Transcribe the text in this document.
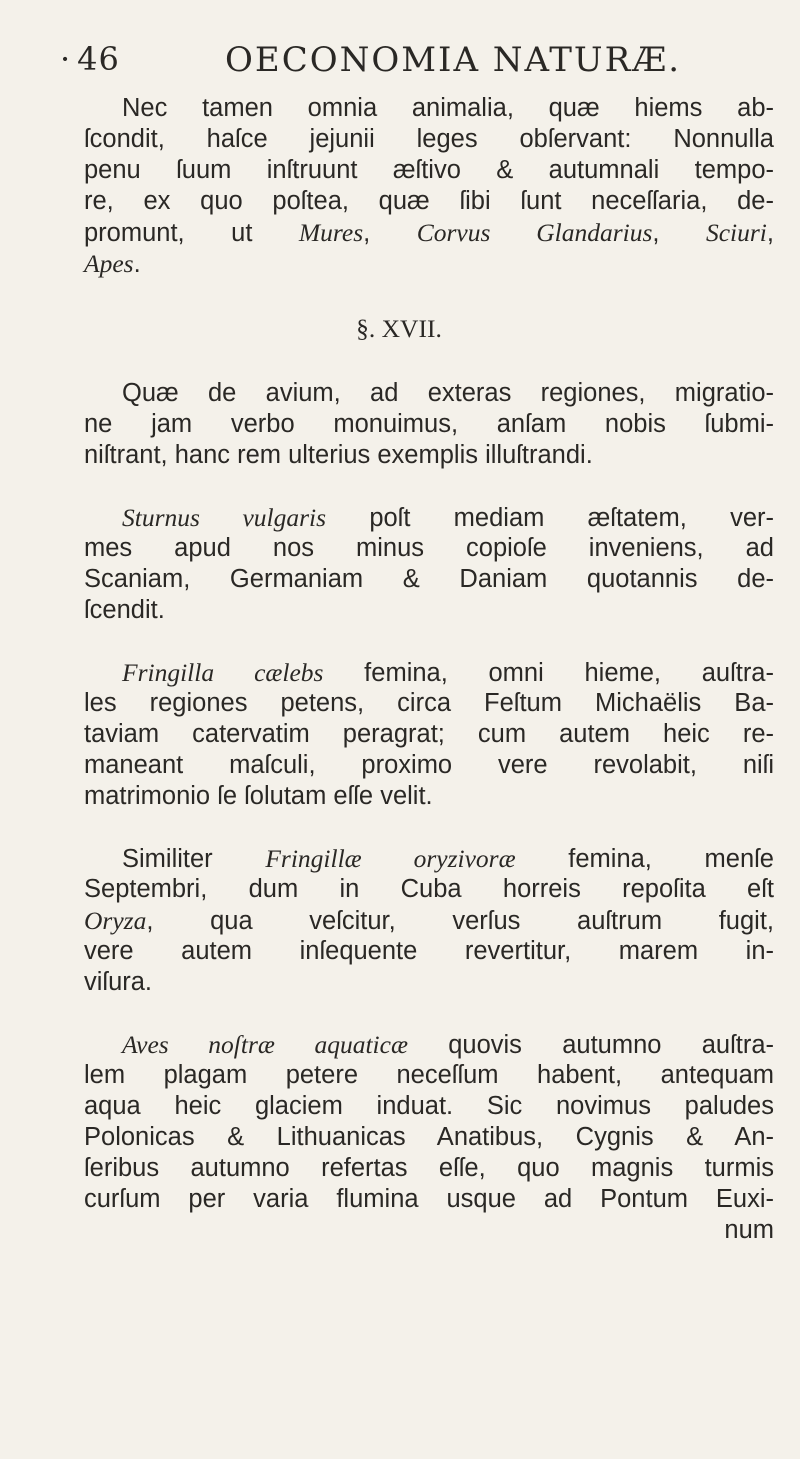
· 46	OECONOMIA NATURÆ.
Nec tamen omnia animalia, quæ hiems ab-
ſcondit, haſce jejunii leges obſervant: Nonnulla
penu ſuum inſtruunt æſtivo & autumnali tempo-
re, ex quo poſtea, quæ ſibi ſunt neceſſaria, de-
promunt, ut Mures, Corvus Glandarius, Sciuri,
Apes.
§. XVII.
Quæ de avium, ad exteras regiones, migratio-
ne jam verbo monuimus, anſam nobis ſubmi-
niſtrant, hanc rem ulterius exemplis illuſtrandi.
Sturnus vulgaris poſt mediam æſtatem, ver-
mes apud nos minus copioſe inveniens, ad
Scaniam, Germaniam & Daniam quotannis de-
ſcendit.
Fringilla cælebs femina, omni hieme, auſtra-
les regiones petens, circa Feſtum Michaëlis Ba-
taviam catervatim peragrat; cum autem heic re-
maneant maſculi, proximo vere revolabit, niſi
matrimonio ſe ſolutam eſſe velit.
Similiter Fringillæ oryzivoræ femina, menſe
Septembri, dum in Cuba horreis repoſita eſt
Oryza, qua veſcitur, verſus auſtrum fugit,
vere autem inſequente revertitur, marem in-
viſura.
Aves noſtræ aquaticæ quovis autumno auſtra-
lem plagam petere neceſſum habent, antequam
aqua heic glaciem induat. Sic novimus paludes
Polonicas & Lithuanicas Anatibus, Cygnis & An-
ſeribus autumno refertas eſſe, quo magnis turmis
curſum per varia flumina usque ad Pontum Euxi-
num
